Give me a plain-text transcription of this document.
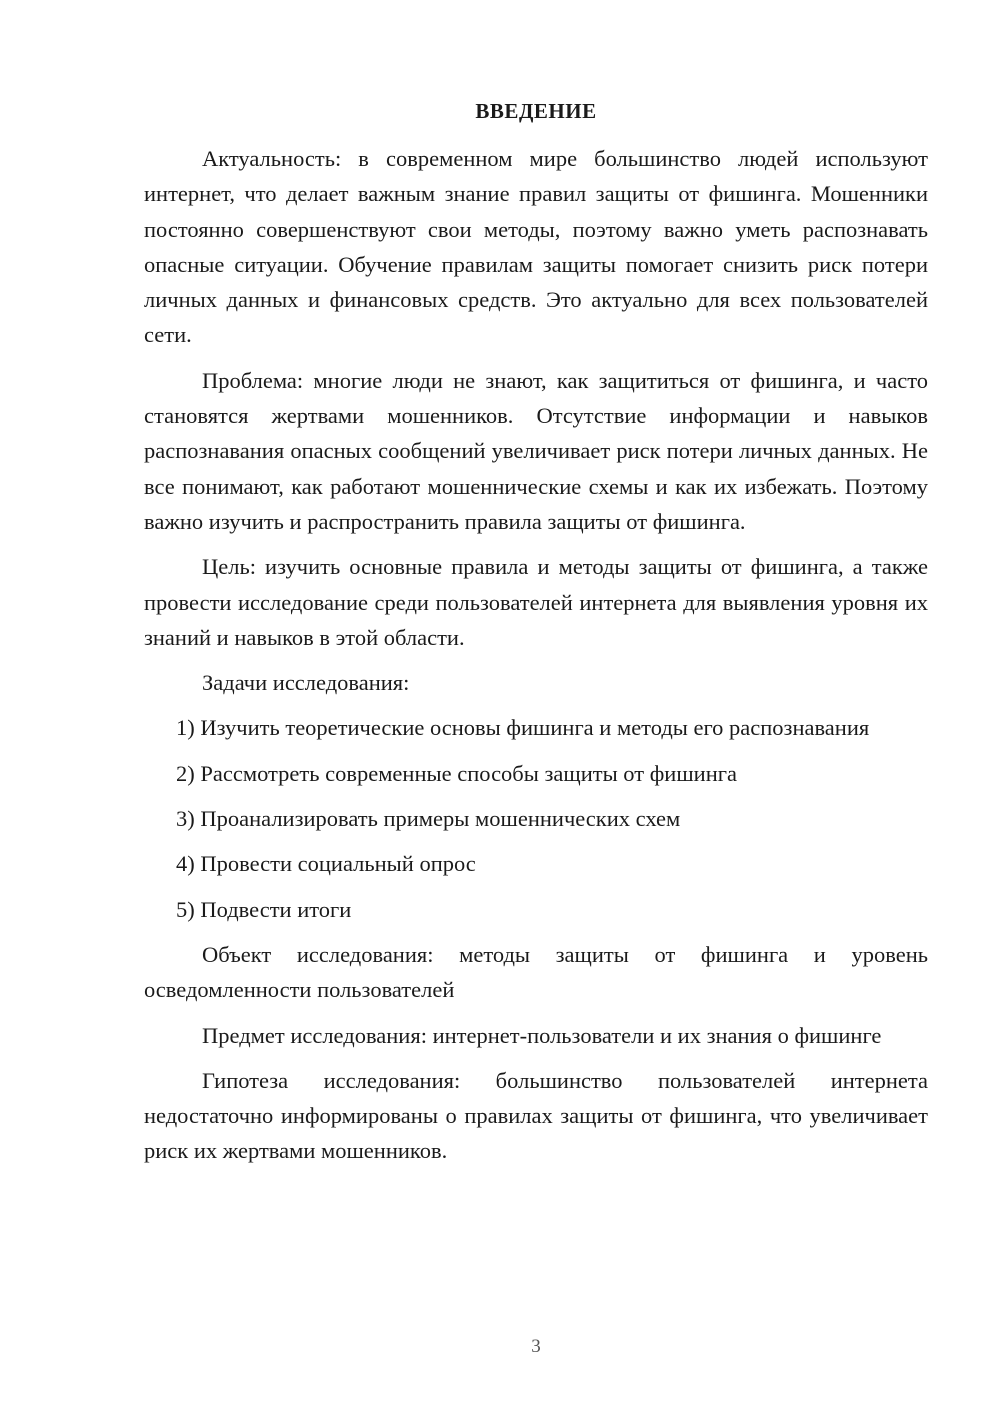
ВВЕДЕНИЕ

Актуальность: в современном мире большинство людей используют интернет, что делает важным знание правил защиты от фишинга. Мошенники постоянно совершенствуют свои методы, поэтому важно уметь распознавать опасные ситуации. Обучение правилам защиты помогает снизить риск потери личных данных и финансовых средств. Это актуально для всех пользователей сети.

Проблема: многие люди не знают, как защититься от фишинга, и часто становятся жертвами мошенников. Отсутствие информации и навыков распознавания опасных сообщений увеличивает риск потери личных данных. Не все понимают, как работают мошеннические схемы и как их избежать. Поэтому важно изучить и распространить правила защиты от фишинга.

Цель: изучить основные правила и методы защиты от фишинга, а также провести исследование среди пользователей интернета для выявления уровня их знаний и навыков в этой области.

Задачи исследования:

1) Изучить теоретические основы фишинга и методы его распознавания

2) Рассмотреть современные способы защиты от фишинга

3) Проанализировать примеры мошеннических схем

4) Провести социальный опрос

5) Подвести итоги

Объект исследования: методы защиты от фишинга и уровень осведомленности пользователей

Предмет исследования: интернет-пользователи и их знания о фишинге

Гипотеза исследования: большинство пользователей интернета недостаточно информированы о правилах защиты от фишинга, что увеличивает риск их жертвами мошенников.

3
